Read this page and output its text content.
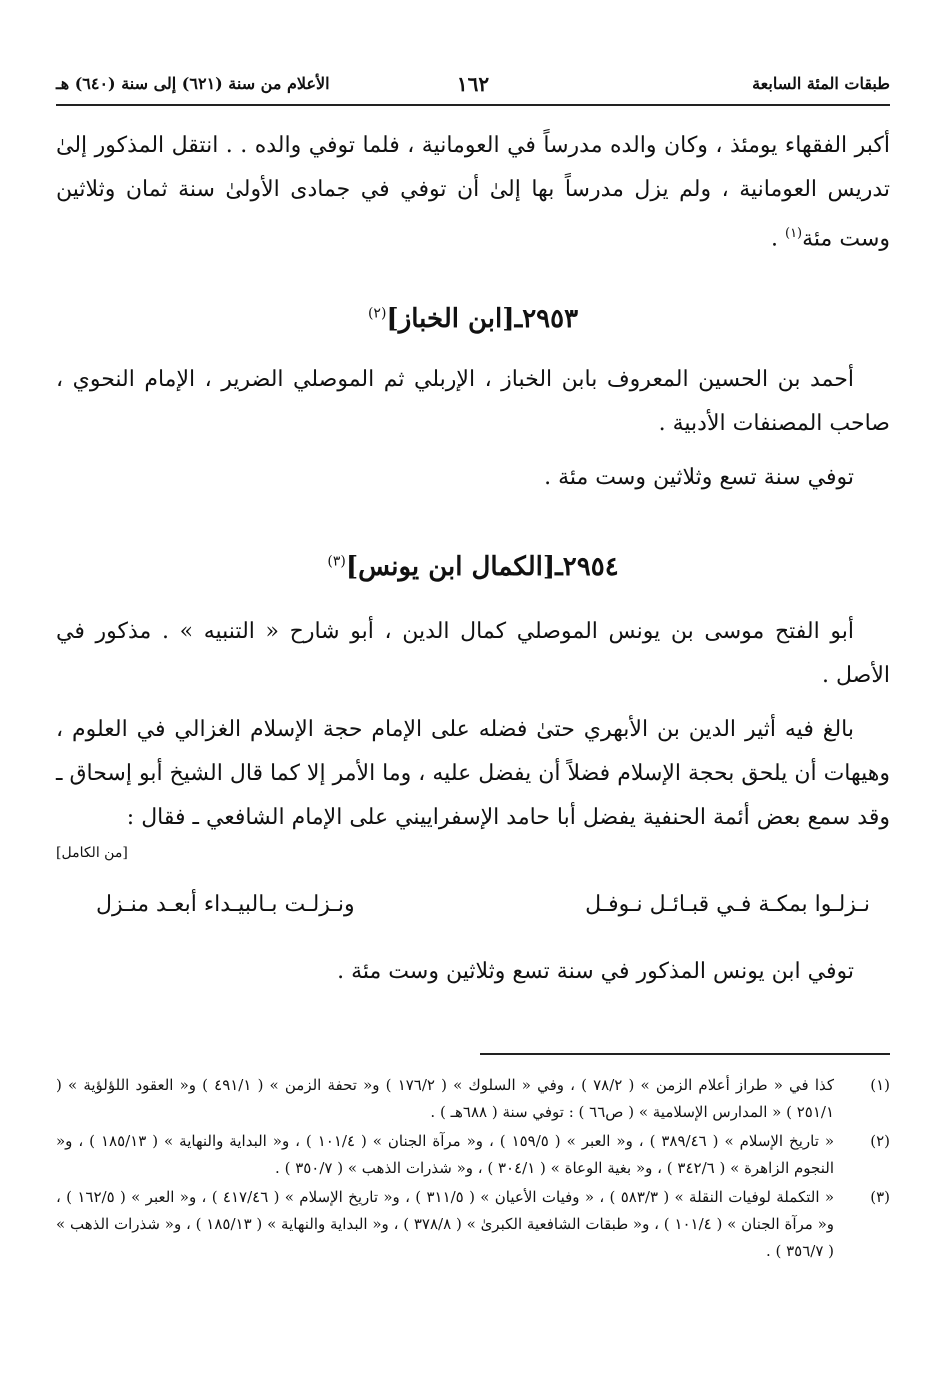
طبقات المئة السابعة
١٦٢
الأعلام من سنة (٦٢١) إلى سنة (٦٤٠) هـ
أكبر الفقهاء يومئذ ، وكان والده مدرساً في العومانية ، فلما توفي والده . . انتقل المذكور إلىٰ تدريس العومانية ، ولم يزل مدرساً بها إلىٰ أن توفي في جمادى الأولىٰ سنة ثمان وثلاثين وست مئة$^{(١)}$ .
٢٩٥٣ـ[ابن الخباز]$^{(٢)}$
أحمد بن الحسين المعروف بابن الخباز ، الإربلي ثم الموصلي الضرير ، الإمام النحوي ، صاحب المصنفات الأدبية .
توفي سنة تسع وثلاثين وست مئة .
٢٩٥٤ـ[الكمال ابن يونس]$^{(٣)}$
أبو الفتح موسى بن يونس الموصلي كمال الدين ، أبو شارح « التنبيه » . مذكور في الأصل .
بالغ فيه أثير الدين بن الأبهري حتىٰ فضله على الإمام حجة الإسلام الغزالي في العلوم ، وهيهات أن يلحق بحجة الإسلام فضلاً أن يفضل عليه ، وما الأمر إلا كما قال الشيخ أبو إسحاق ـ وقد سمع بعض أئمة الحنفية يفضل أبا حامد الإسفراييني على الإمام الشافعي ـ فقال :
[من الكامل]
نـزلـوا بمكـة فـي قبـائـل نـوفـل
ونـزلـت بـالبيـداء أبعـد منـزل
توفي ابن يونس المذكور في سنة تسع وثلاثين وست مئة .
(١)
كذا في « طراز أعلام الزمن » ( ٧٨/٢ ) ، وفي « السلوك » ( ١٧٦/٢ ) و« تحفة الزمن » ( ٤٩١/١ ) و« العقود اللؤلؤية » ( ٢٥١/١ ) « المدارس الإسلامية » ( ص٦٦ ) : توفي سنة ( ٦٨٨هـ ) .
(٢)
« تاريخ الإسلام » ( ٣٨٩/٤٦ ) ، و« العبر » ( ١٥٩/٥ ) ، و« مرآة الجنان » ( ١٠١/٤ ) ، و« البداية والنهاية » ( ١٨٥/١٣ ) ، و« النجوم الزاهرة » ( ٣٤٢/٦ ) ، و« بغية الوعاة » ( ٣٠٤/١ ) ، و« شذرات الذهب » ( ٣٥٠/٧ ) .
(٣)
« التكملة لوفيات النقلة » ( ٥٨٣/٣ ) ، « وفيات الأعيان » ( ٣١١/٥ ) ، و« تاريخ الإسلام » ( ٤١٧/٤٦ ) ، و« العبر » ( ١٦٢/٥ ) ، و« مرآة الجنان » ( ١٠١/٤ ) ، و« طبقات الشافعية الكبرىٰ » ( ٣٧٨/٨ ) ، و« البداية والنهاية » ( ١٨٥/١٣ ) ، و« شذرات الذهب » ( ٣٥٦/٧ ) .
